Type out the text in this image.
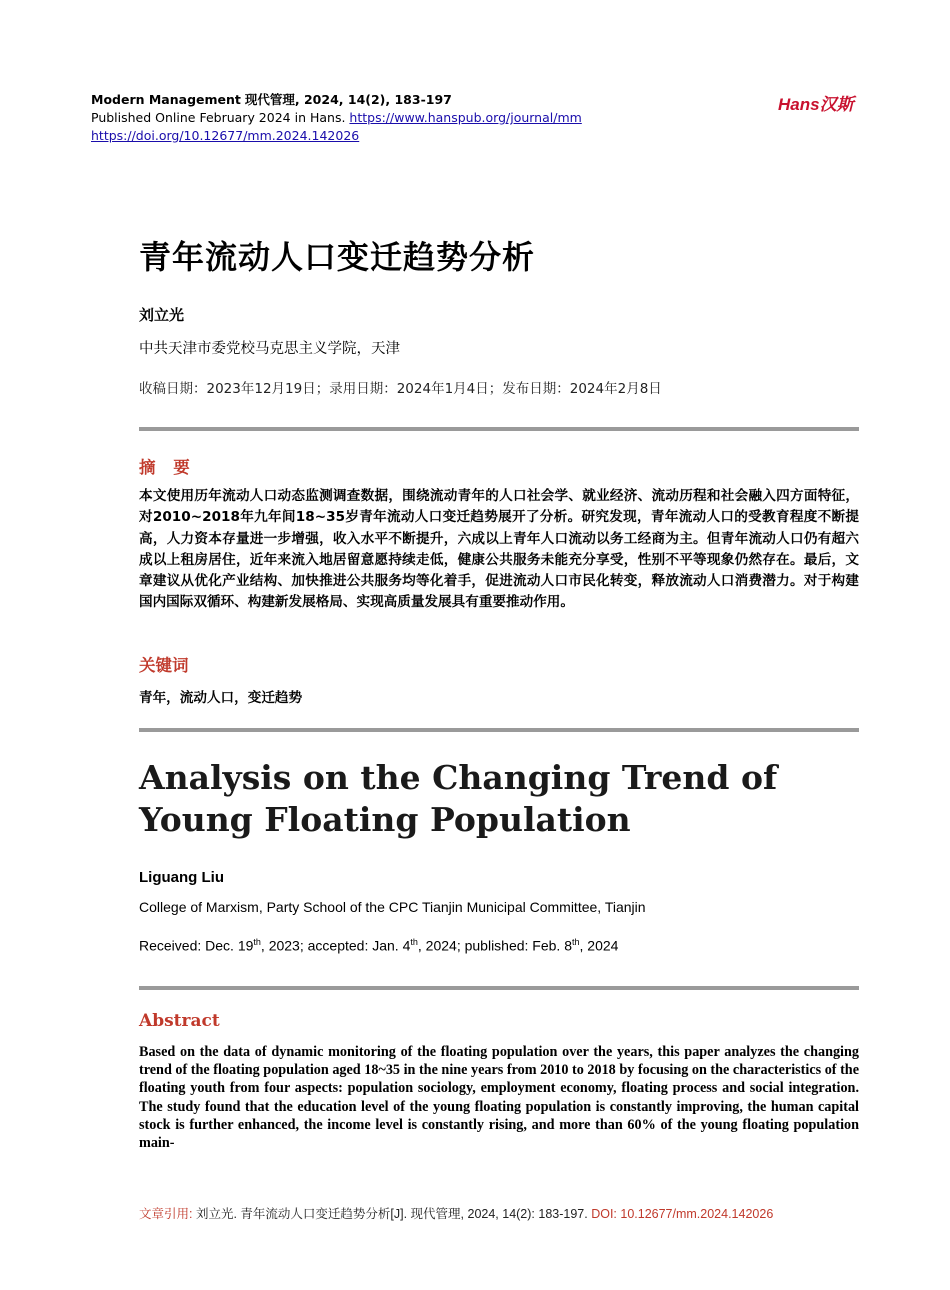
Modern Management 现代管理, 2024, 14(2), 183-197
Published Online February 2024 in Hans. https://www.hanspub.org/journal/mm
https://doi.org/10.12677/mm.2024.142026
Hans汉斯
青年流动人口变迁趋势分析
刘立光
中共天津市委党校马克思主义学院，天津
收稿日期：2023年12月19日；录用日期：2024年1月4日；发布日期：2024年2月8日
摘 要
本文使用历年流动人口动态监测调查数据，围绕流动青年的人口社会学、就业经济、流动历程和社会融入四方面特征，对2010~2018年九年间18~35岁青年流动人口变迁趋势展开了分析。研究发现，青年流动人口的受教育程度不断提高，人力资本存量进一步增强，收入水平不断提升，六成以上青年人口流动以务工经商为主。但青年流动人口仍有超六成以上租房居住，近年来流入地居留意愿持续走低，健康公共服务未能充分享受，性别不平等现象仍然存在。最后，文章建议从优化产业结构、加快推进公共服务均等化着手，促进流动人口市民化转变，释放流动人口消费潜力。对于构建国内国际双循环、构建新发展格局、实现高质量发展具有重要推动作用。
关键词
青年，流动人口，变迁趋势
Analysis on the Changing Trend of Young Floating Population
Liguang Liu
College of Marxism, Party School of the CPC Tianjin Municipal Committee, Tianjin
Received: Dec. 19th, 2023; accepted: Jan. 4th, 2024; published: Feb. 8th, 2024
Abstract
Based on the data of dynamic monitoring of the floating population over the years, this paper analyzes the changing trend of the floating population aged 18~35 in the nine years from 2010 to 2018 by focusing on the characteristics of the floating youth from four aspects: population sociology, employment economy, floating process and social integration. The study found that the education level of the young floating population is constantly improving, the human capital stock is further enhanced, the income level is constantly rising, and more than 60% of the young floating population main-
文章引用: 刘立光. 青年流动人口变迁趋势分析[J]. 现代管理, 2024, 14(2): 183-197. DOI: 10.12677/mm.2024.142026
